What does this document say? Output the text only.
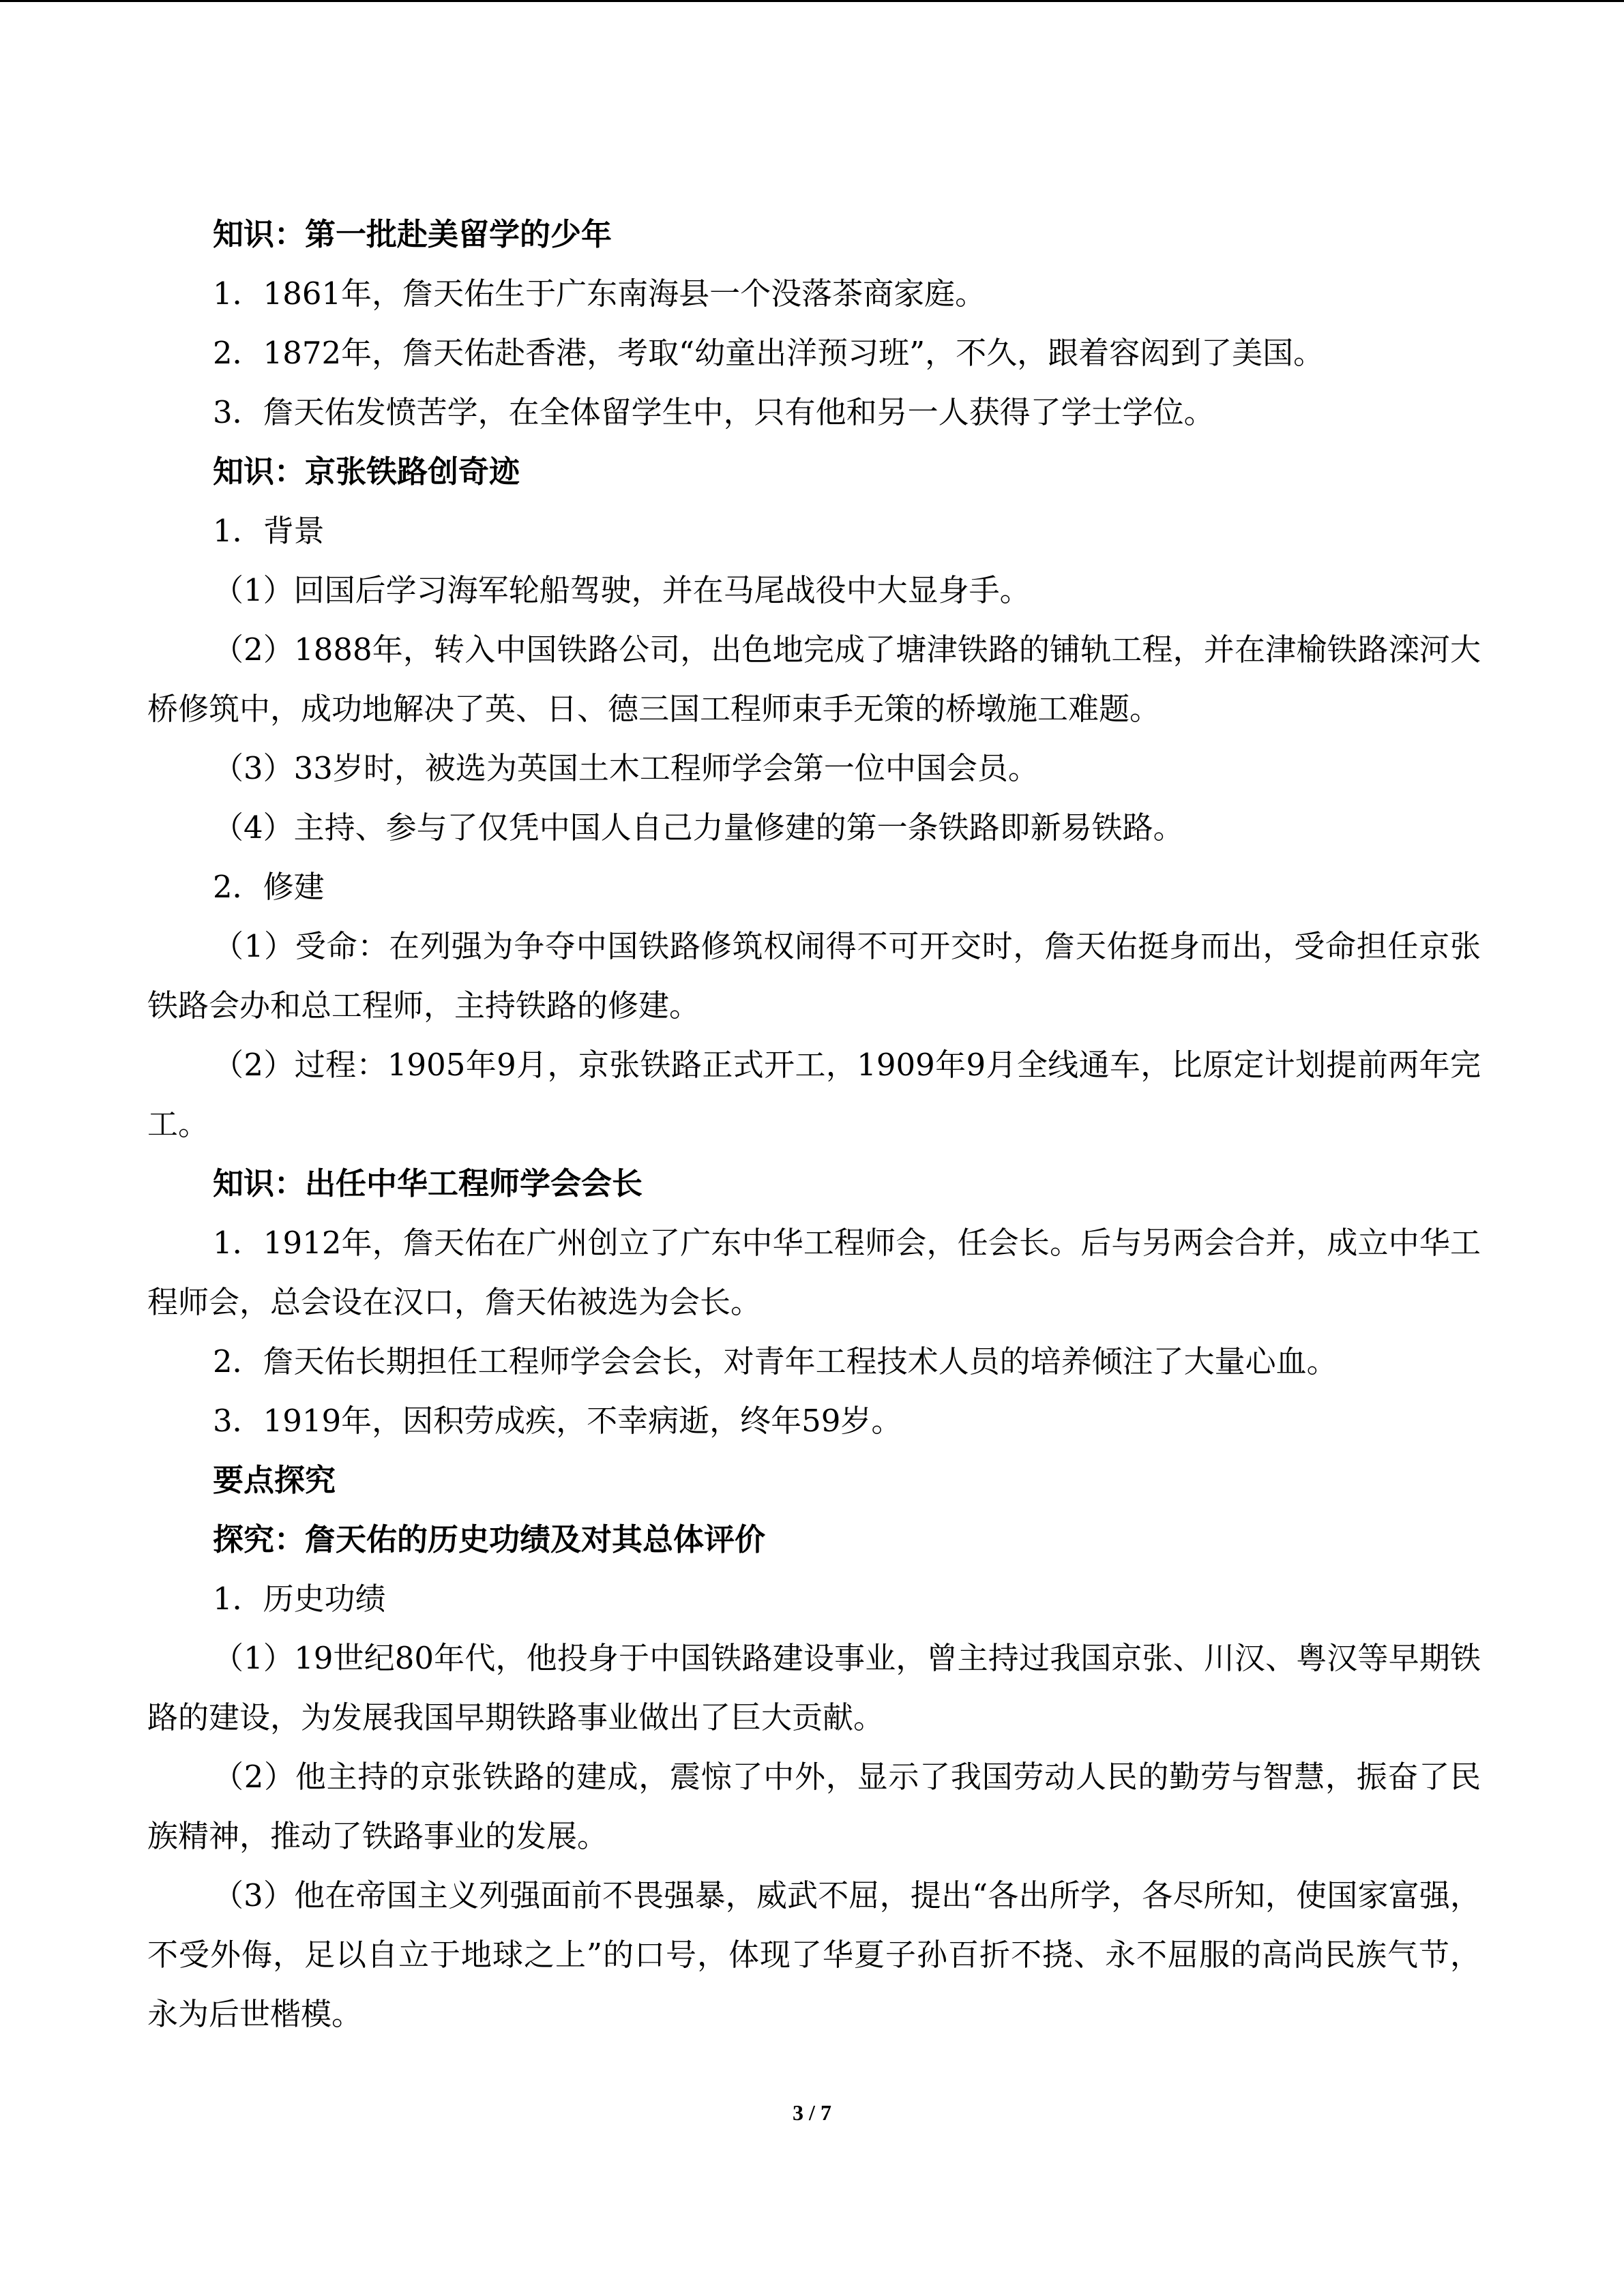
知识：第一批赴美留学的少年

1．1861年，詹天佑生于广东南海县一个没落茶商家庭。

2．1872年，詹天佑赴香港，考取“幼童出洋预习班”，不久，跟着容闳到了美国。

3．詹天佑发愤苦学，在全体留学生中，只有他和另一人获得了学士学位。

知识：京张铁路创奇迹

1．背景

（1）回国后学习海军轮船驾驶，并在马尾战役中大显身手。

（2）1888年，转入中国铁路公司，出色地完成了塘津铁路的铺轨工程，并在津榆铁路滦河大桥修筑中，成功地解决了英、日、德三国工程师束手无策的桥墩施工难题。

（3）33岁时，被选为英国土木工程师学会第一位中国会员。

（4）主持、参与了仅凭中国人自己力量修建的第一条铁路即新易铁路。

2．修建

（1）受命：在列强为争夺中国铁路修筑权闹得不可开交时，詹天佑挺身而出，受命担任京张铁路会办和总工程师，主持铁路的修建。

（2）过程：1905年9月，京张铁路正式开工，1909年9月全线通车，比原定计划提前两年完工。

知识：出任中华工程师学会会长

1．1912年，詹天佑在广州创立了广东中华工程师会，任会长。后与另两会合并，成立中华工程师会，总会设在汉口，詹天佑被选为会长。

2．詹天佑长期担任工程师学会会长，对青年工程技术人员的培养倾注了大量心血。

3．1919年，因积劳成疾，不幸病逝，终年59岁。

要点探究

探究：詹天佑的历史功绩及对其总体评价

1．历史功绩

（1）19世纪80年代，他投身于中国铁路建设事业，曾主持过我国京张、川汉、粤汉等早期铁路的建设，为发展我国早期铁路事业做出了巨大贡献。

（2）他主持的京张铁路的建成，震惊了中外，显示了我国劳动人民的勤劳与智慧，振奋了民族精神，推动了铁路事业的发展。

（3）他在帝国主义列强面前不畏强暴，威武不屈，提出“各出所学，各尽所知，使国家富强，不受外侮，足以自立于地球之上”的口号，体现了华夏子孙百折不挠、永不屈服的高尚民族气节，永为后世楷模。

3 / 7
